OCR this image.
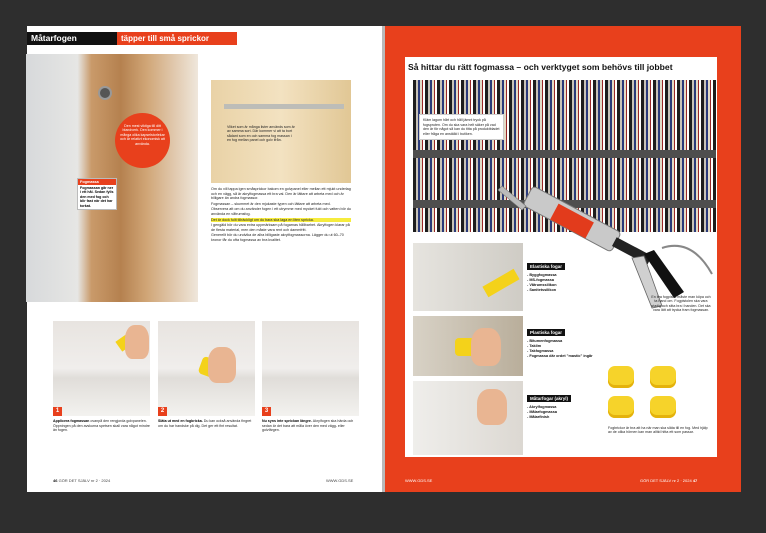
Måtarfogen	täpper till små sprickor
Den mest viktiga till ditt blandverk. Den kommer i många olika kapselstorlekar och är relativt ekonomisk att använda.
Fogmassa
Fogmassan går ner i ett hål. Sedan fylls den med fog och blir fast när det har torkat.
Vilket som är många lister används som är av samma sort. Där kommer vi att ta bort sådant som en och samma fog massan i en fog mellan panel och golv ifrån.

Om du vill tappa igen småsprickor bakom en golvpanel eller mellan ett mjukt underlag och en vägg, så är akrylfogmassa ett bra val. Den är lättare att arbeta med och är billigare än andra fogmassor.

Fogmassan – skummet är den mjukaste typen och lättare att arbeta med.

Observera att om du använder fogen i ett utrymme med mycket fukt och vatten bör du använda en våtrumsfog.

Det är dock fullt tillräckligt om du bara ska laga en liten spricka.

I gengäld bör du vara extra uppmärksam på fogarnas hållbarhet. Akrylfogen klarar på de flesta material, men den måste vara rent och dammfritt.

Generellt bör du undvika de allra billigaste akrylfogmassorna. Lägger du ut 60–70 kronor får du ofta fogmassa av bra kvalitet.

1	2	3
Applicera fogmassan ovanpå den rengjorda golvpanelen. Öppningen på den avskurna spetsen skall vara något mindre än fogen.
Släta ut med en fogbricka. Du kan också använda fingret om du har handske på dig. Det ger ett fint resultat.
Nu syns inte sprickan längre. Akrylfogen ska härda och sedan är det bara att måla över den med vägg- eller golvfärgen.
46 GÖR DET SJÄLV nr 2 · 2024	WWW.GDS.SE
Så hittar du rätt fogmassa – och verktyget som behövs till jobbet
Kläm lagom hårt och håll jämnt tryck på fogspruten. Om du ska vara helt säker på vad den är för något så kan du titta på produktbladet eller fråga en anställd i butiken.
Elastiska fogar
- Byggfogmassa
- MS-fogmassa
- Våtrumssilikon
- Sanitetssilikon
Plastiska fogar
- Bitumenfogmassa
- Taklim
- Takfogmassa
- Fogmassa där ordet "mastic" ingår
Måtarfogar (akryl)
- Akrylfogmassa
- Målarfogmassa
- Målarfinish
En bra fogpistol måste man köpa och ta hand om. Fogpistolen ska vara stadig och sitta bra i handen. Det ska vara lätt att trycka fram fogmassan.
Fogbrickor är bra att ha när man ska släta till en fog. Med hjälp av de olika hörnen kan man alltid hitta ett som passar.
WWW.GDS.SE	GÖR DET SJÄLV nr 2 · 2024 47
